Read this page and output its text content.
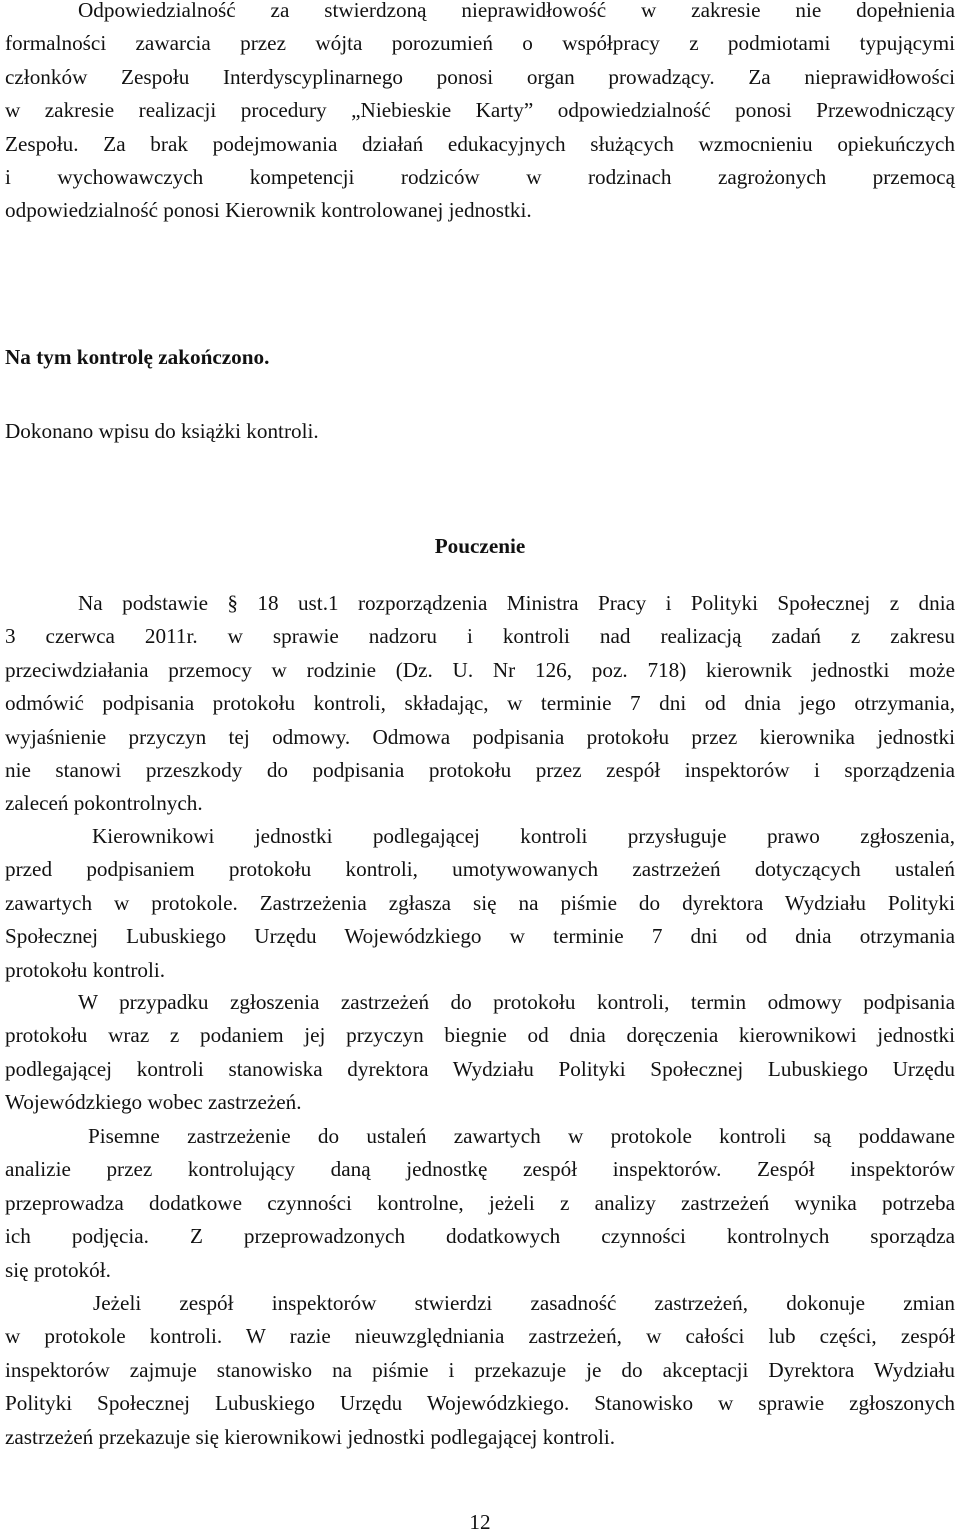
Odpowiedzialność za stwierdzoną nieprawidłowość w zakresie nie dopełnienia
formalności zawarcia przez wójta porozumień o współpracy z podmiotami typującymi
członków Zespołu Interdyscyplinarnego ponosi organ prowadzący. Za nieprawidłowości
w zakresie realizacji procedury „Niebieskie Karty” odpowiedzialność ponosi Przewodniczący
Zespołu. Za brak podejmowania działań edukacyjnych służących wzmocnieniu opiekuńczych
i wychowawczych kompetencji rodziców w rodzinach zagrożonych przemocą
odpowiedzialność ponosi Kierownik kontrolowanej jednostki.
Na tym kontrolę zakończono.
Dokonano wpisu do książki kontroli.
Pouczenie
Na podstawie § 18 ust.1 rozporządzenia Ministra Pracy i Polityki Społecznej z dnia
3 czerwca 2011r. w sprawie nadzoru i kontroli nad realizacją zadań z zakresu
przeciwdziałania przemocy w rodzinie (Dz. U. Nr 126, poz. 718) kierownik jednostki może
odmówić podpisania protokołu kontroli, składając, w terminie 7 dni od dnia jego otrzymania,
wyjaśnienie przyczyn tej odmowy. Odmowa podpisania protokołu przez kierownika jednostki
nie stanowi przeszkody do podpisania protokołu przez zespół inspektorów i sporządzenia
zaleceń pokontrolnych.
Kierownikowi jednostki podlegającej kontroli przysługuje prawo zgłoszenia,
przed podpisaniem protokołu kontroli, umotywowanych zastrzeżeń dotyczących ustaleń
zawartych w protokole. Zastrzeżenia zgłasza się na piśmie do dyrektora Wydziału Polityki
Społecznej Lubuskiego Urzędu Wojewódzkiego w terminie 7 dni od dnia otrzymania
protokołu kontroli.
W przypadku zgłoszenia zastrzeżeń do protokołu kontroli, termin odmowy podpisania
protokołu wraz z podaniem jej przyczyn biegnie od dnia doręczenia kierownikowi jednostki
podlegającej kontroli stanowiska dyrektora Wydziału Polityki Społecznej Lubuskiego Urzędu
Wojewódzkiego wobec zastrzeżeń.
Pisemne zastrzeżenie do ustaleń zawartych w protokole kontroli są poddawane
analizie przez kontrolujący daną jednostkę zespół inspektorów. Zespół inspektorów
przeprowadza dodatkowe czynności kontrolne, jeżeli z analizy zastrzeżeń wynika potrzeba
ich podjęcia. Z przeprowadzonych dodatkowych czynności kontrolnych sporządza
się protokół.
Jeżeli zespół inspektorów stwierdzi zasadność zastrzeżeń, dokonuje zmian
w protokole kontroli. W razie nieuwzględniania zastrzeżeń, w całości lub części, zespół
inspektorów zajmuje stanowisko na piśmie i przekazuje je do akceptacji Dyrektora Wydziału
Polityki Społecznej Lubuskiego Urzędu Wojewódzkiego. Stanowisko w sprawie zgłoszonych
zastrzeżeń przekazuje się kierownikowi jednostki podlegającej kontroli.
12
